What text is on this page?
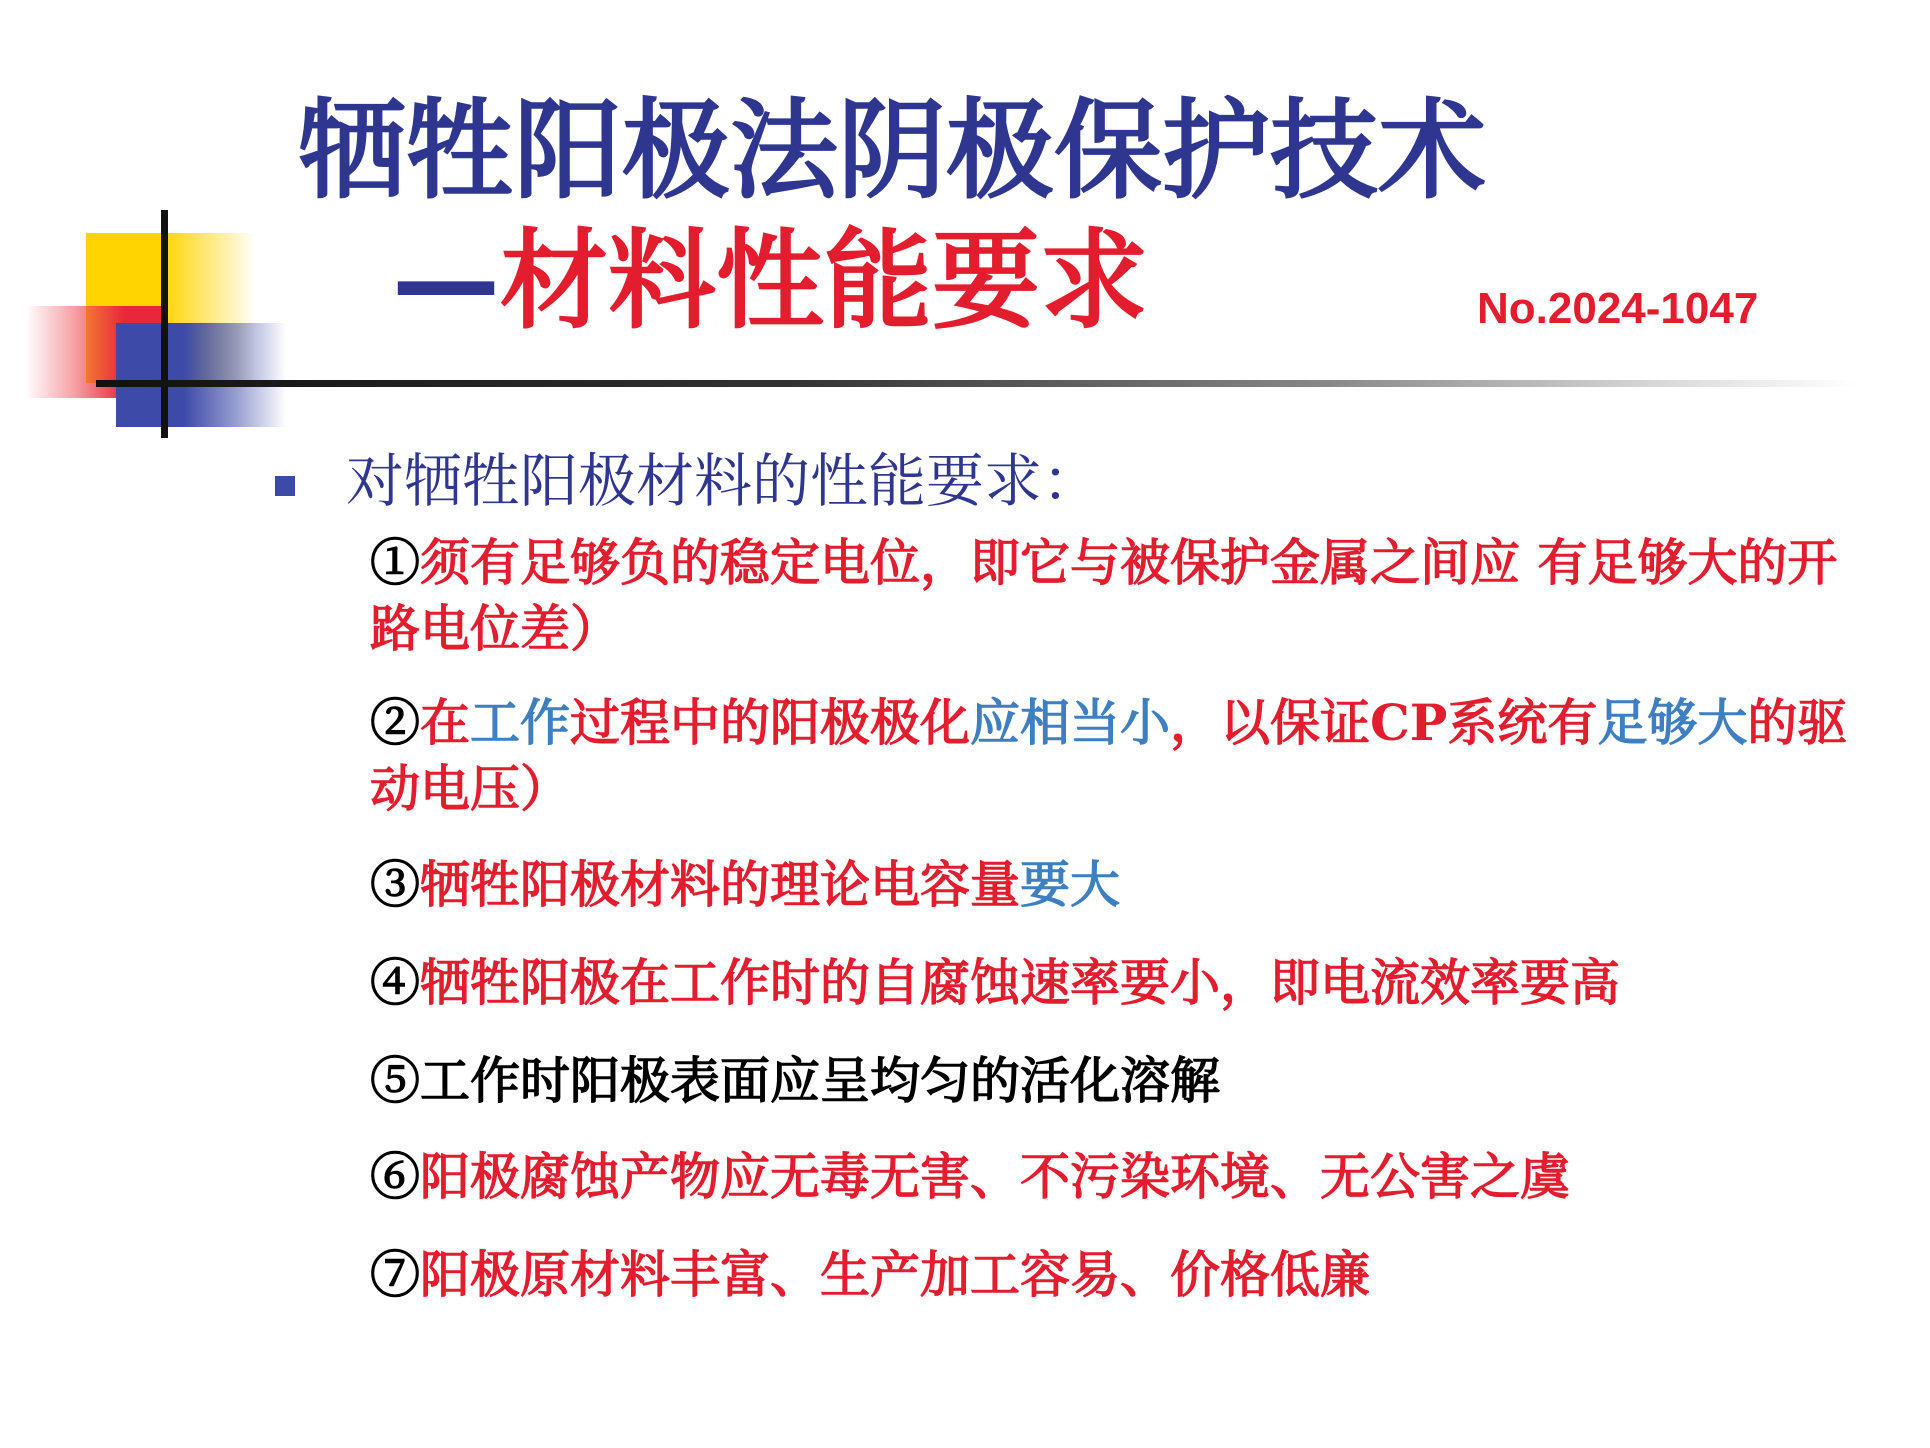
牺牲阳极法阴极保护技术
—材料性能要求	No.2024-1047
对牺牲阳极材料的性能要求：
①须有足够负的稳定电位，即它与被保护金属之间应 有足够大的开路电位差）
②在工作过程中的阳极极化应相当小，以保证CP系统有足够大的驱动电压）
③牺牲阳极材料的理论电容量要大
④牺牲阳极在工作时的自腐蚀速率要小，即电流效率要高
⑤工作时阳极表面应呈均匀的活化溶解
⑥阳极腐蚀产物应无毒无害、不污染环境、无公害之虞
⑦阳极原材料丰富、生产加工容易、价格低廉
